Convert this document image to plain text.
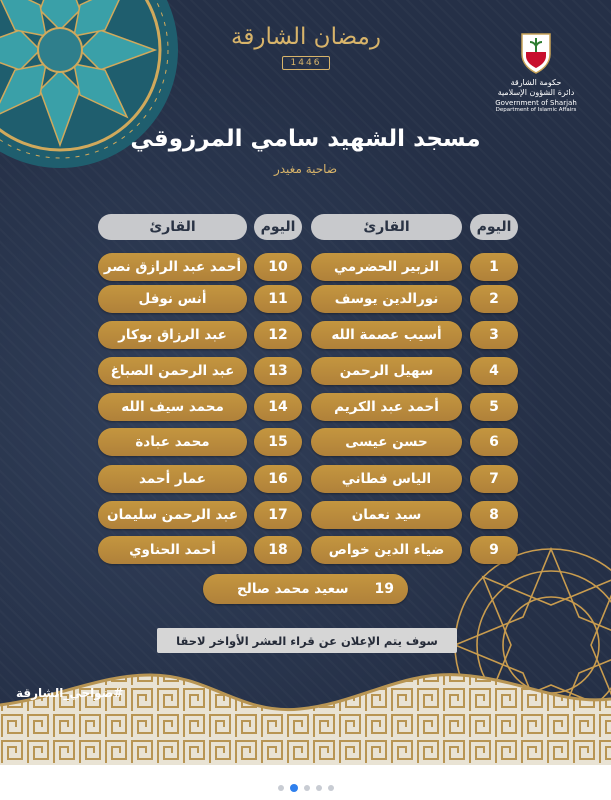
رمضان الشارقة
1446
حكومة الشارقة
دائرة الشؤون الإسلامية
Government of Sharjah
Department of Islamic Affairs
مسجد الشهيد سامي المرزوقي
ضاحية مغيدر
اليوم
القارئ
اليوم
القارئ
1
الزبير الحضرمي
2
نورالدين يوسف
3
أسيب عصمة الله
4
سهيل الرحمن
5
أحمد عبد الكريم
6
حسن عيسى
7
الياس فطاني
8
سيد نعمان
9
ضياء الدين خواص
10
أحمد عبد الرازق نصر
11
أنس نوفل
12
عبد الرزاق بوكار
13
عبد الرحمن الصباغ
14
محمد سيف الله
15
محمد عبادة
16
عمار أحمد
17
عبد الرحمن سليمان
18
أحمد الحناوي
19
سعيد محمد صالح
سوف يتم الإعلان عن قراء العشر الأواخر لاحقا
#ضواحي_الشارقة
